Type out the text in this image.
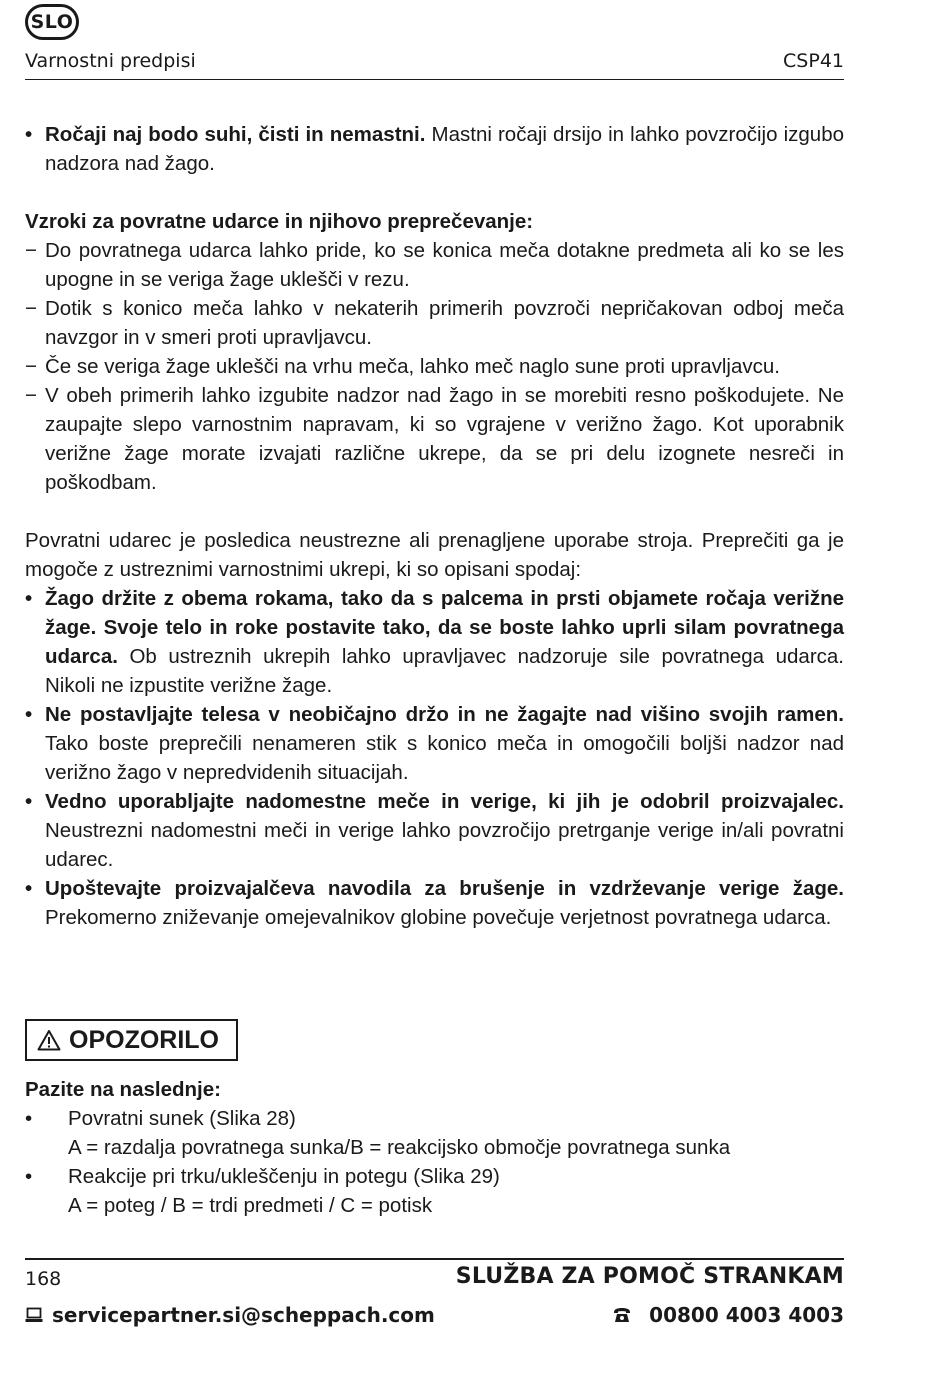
SLO
Varnostni predpisi	CSP41

• Ročaji naj bodo suhi, čisti in nemastni. Mastni ročaji drsijo in lahko povzročijo izgubo nadzora nad žago.

Vzroki za povratne udarce in njihovo preprečevanje:

− Do povratnega udarca lahko pride, ko se konica meča dotakne predmeta ali ko se les upogne in se veriga žage uklešči v rezu.

− Dotik s konico meča lahko v nekaterih primerih povzroči nepričakovan odboj meča navzgor in v smeri proti upravljavcu.

− Če se veriga žage uklešči na vrhu meča, lahko meč naglo sune proti upravljavcu.

− V obeh primerih lahko izgubite nadzor nad žago in se morebiti resno poškodujete. Ne zaupajte slepo varnostnim napravam, ki so vgrajene v verižno žago. Kot uporabnik verižne žage morate izvajati različne ukrepe, da se pri delu izognete nesreči in poškodbam.

Povratni udarec je posledica neustrezne ali prenagljene uporabe stroja. Preprečiti ga je mogoče z ustreznimi varnostnimi ukrepi, ki so opisani spodaj:

• Žago držite z obema rokama, tako da s palcema in prsti objamete ročaja verižne žage. Svoje telo in roke postavite tako, da se boste lahko uprli silam povratnega udarca. Ob ustreznih ukrepih lahko upravljavec nadzoruje sile povratnega udarca. Nikoli ne izpustite verižne žage.

• Ne postavljajte telesa v neobičajno držo in ne žagajte nad višino svojih ramen. Tako boste preprečili nenameren stik s konico meča in omogočili boljši nadzor nad verižno žago v nepredvidenih situacijah.

• Vedno uporabljajte nadomestne meče in verige, ki jih je odobril proizvajalec. Neustrezni nadomestni meči in verige lahko povzročijo pretrganje verige in/ali povratni udarec.

• Upoštevajte proizvajalčeva navodila za brušenje in vzdrževanje verige žage. Prekomerno zniževanje omejevalnikov globine povečuje verjetnost povratnega udarca.

OPOZORILO

Pazite na naslednje:

• Povratni sunek (Slika 28)
A = razdalja povratnega sunka/B = reakcijsko območje povratnega sunka
• Reakcije pri trku/ukleščenju in potegu (Slika 29)
A = poteg / B = trdi predmeti / C = potisk
168	SLUŽBA ZA POMOČ STRANKAM
servicepartner.si@scheppach.com	00800 4003 4003
